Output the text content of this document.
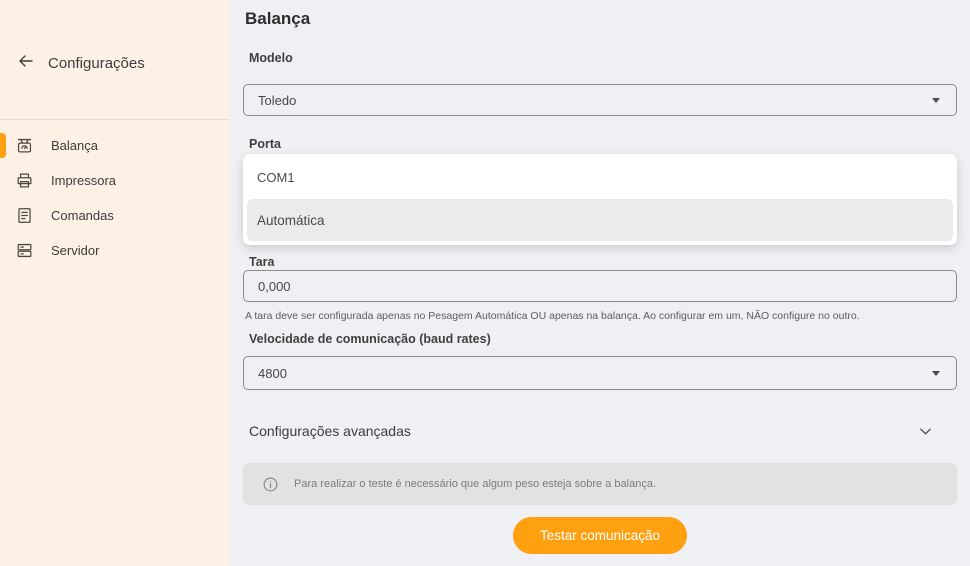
Configurações
Balança
Impressora
Comandas
Servidor
Balança
Modelo
Toledo
Porta
COM1
Automática
Tara
0,000
A tara deve ser configurada apenas no Pesagem Automática OU apenas na balança. Ao configurar em um, NÃO configure no outro.
Velocidade de comunicação (baud rates)
4800
Configurações avançadas
Para realizar o teste é necessário que algum peso esteja sobre a balança.
Testar comunicação
